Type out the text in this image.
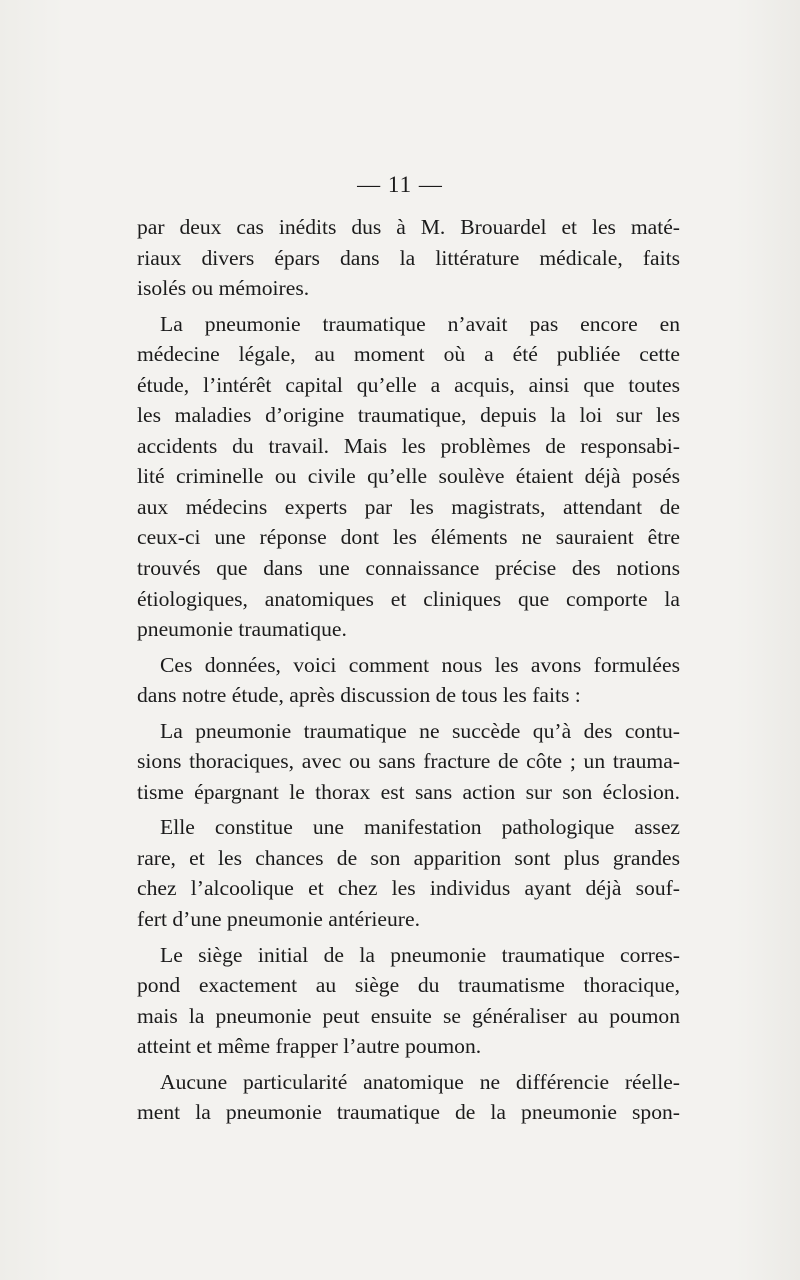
— 11 —
par deux cas inédits dus à M. Brouardel et les maté-
riaux divers épars dans la littérature médicale, faits
isolés ou mémoires.
La pneumonie traumatique n’avait pas encore en
médecine légale, au moment où a été publiée cette
étude, l’intérêt capital qu’elle a acquis, ainsi que toutes
les maladies d’origine traumatique, depuis la loi sur les
accidents du travail. Mais les problèmes de responsabi-
lité criminelle ou civile qu’elle soulève étaient déjà posés
aux médecins experts par les magistrats, attendant de
ceux-ci une réponse dont les éléments ne sauraient être
trouvés que dans une connaissance précise des notions
étiologiques, anatomiques et cliniques que comporte la
pneumonie traumatique.
Ces données, voici comment nous les avons formulées
dans notre étude, après discussion de tous les faits :
La pneumonie traumatique ne succède qu’à des contu-
sions thoraciques, avec ou sans fracture de côte ; un trauma-
tisme épargnant le thorax est sans action sur son éclosion.
Elle constitue une manifestation pathologique assez
rare, et les chances de son apparition sont plus grandes
chez l’alcoolique et chez les individus ayant déjà souf-
fert d’une pneumonie antérieure.
Le siège initial de la pneumonie traumatique corres-
pond exactement au siège du traumatisme thoracique,
mais la pneumonie peut ensuite se généraliser au poumon
atteint et même frapper l’autre poumon.
Aucune particularité anatomique ne différencie réelle-
ment la pneumonie traumatique de la pneumonie spon-
